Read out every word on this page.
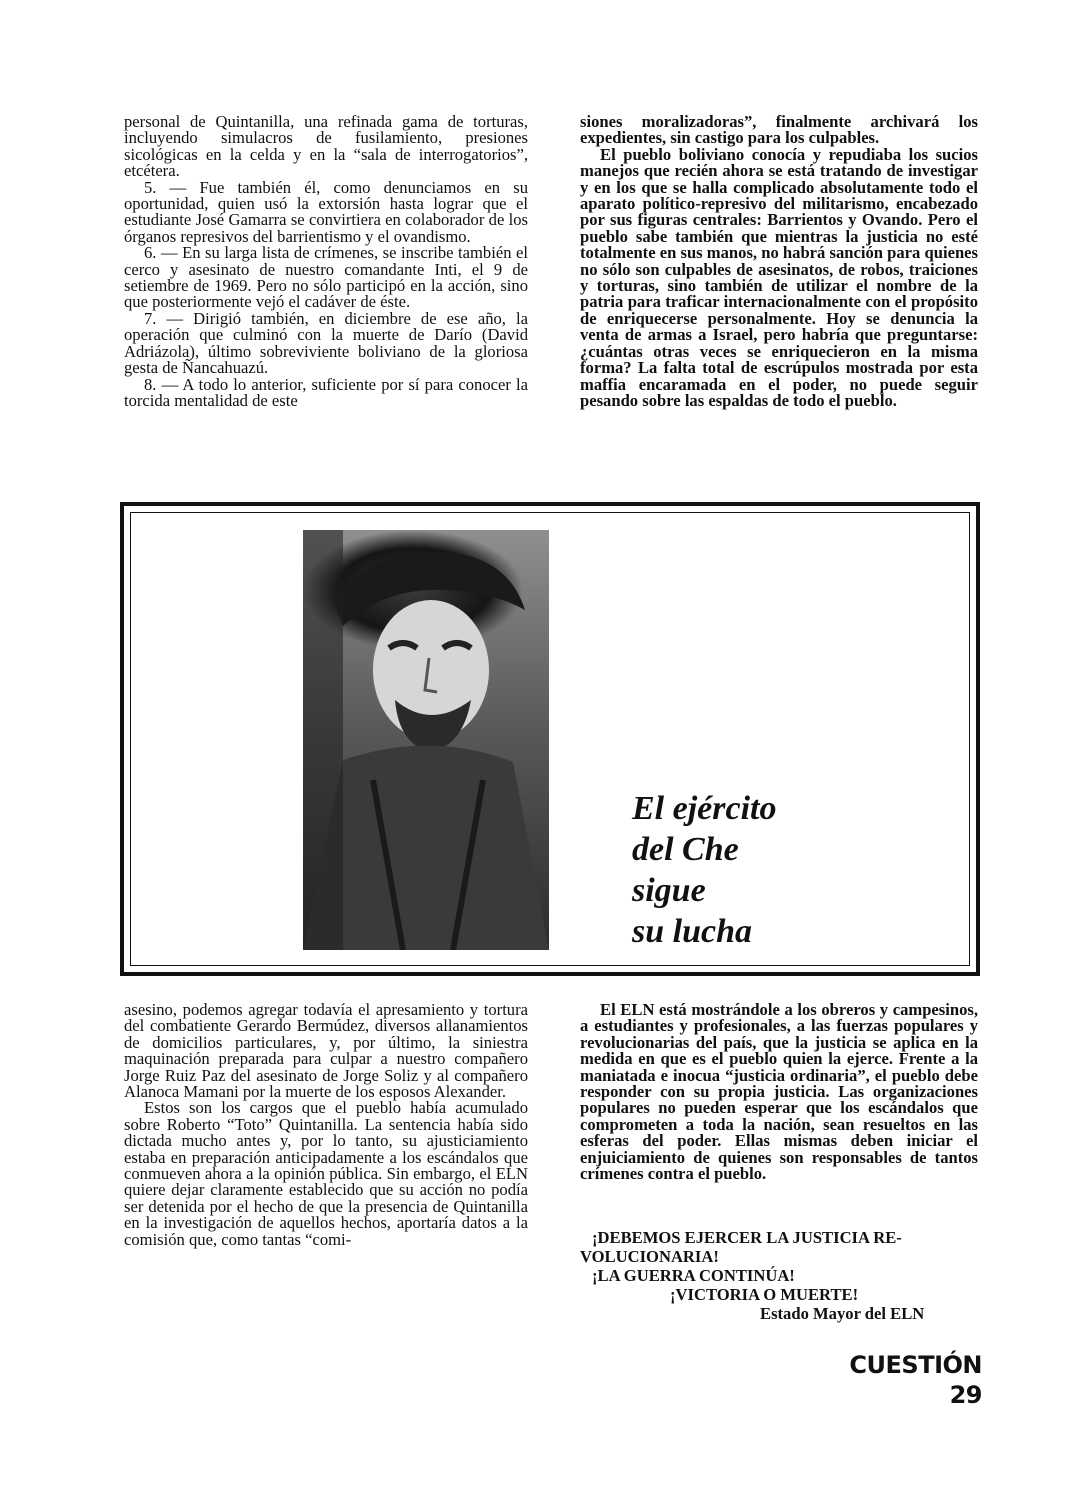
personal de Quintanilla, una refinada gama de torturas, incluyendo simulacros de fusilamiento, presiones sicológicas en la celda y en la “sala de interrogatorios”, etcétera.

5. — Fue también él, como denunciamos en su oportunidad, quien usó la extorsión hasta lograr que el estudiante José Gamarra se convirtiera en colaborador de los órganos represivos del barrientismo y el ovandismo.

6. — En su larga lista de crímenes, se inscribe también el cerco y asesinato de nuestro comandante Inti, el 9 de setiembre de 1969. Pero no sólo participó en la acción, sino que posteriormente vejó el cadáver de éste.

7. — Dirigió también, en diciembre de ese año, la operación que culminó con la muerte de Darío (David Adriázola), último sobreviviente boliviano de la gloriosa gesta de Ñancahuazú.

8. — A todo lo anterior, suficiente por sí para conocer la torcida mentalidad de este

siones moralizadoras”, finalmente archivará los expedientes, sin castigo para los culpables.

El pueblo boliviano conocía y repudiaba los sucios manejos que recién ahora se está tratando de investigar y en los que se halla complicado absolutamente todo el aparato político-represivo del militarismo, encabezado por sus figuras centrales: Barrientos y Ovando. Pero el pueblo sabe también que mientras la justicia no esté totalmente en sus manos, no habrá sanción para quienes no sólo son culpables de asesinatos, de robos, traiciones y torturas, sino también de utilizar el nombre de la patria para traficar internacionalmente con el propósito de enriquecerse personalmente. Hoy se denuncia la venta de armas a Israel, pero habría que preguntarse: ¿cuántas otras veces se enriquecieron en la misma forma? La falta total de escrúpulos mostrada por esta maffia encaramada en el poder, no puede seguir pesando sobre las espaldas de todo el pueblo.

El ejército
del Che
sigue
su lucha

asesino, podemos agregar todavía el apresamiento y tortura del combatiente Gerardo Bermúdez, diversos allanamientos de domicilios particulares, y, por último, la siniestra maquinación preparada para culpar a nuestro compañero Jorge Ruiz Paz del asesinato de Jorge Soliz y al compañero Alanoca Mamani por la muerte de los esposos Alexander.

Estos son los cargos que el pueblo había acumulado sobre Roberto “Toto” Quintanilla. La sentencia había sido dictada mucho antes y, por lo tanto, su ajusticiamiento estaba en preparación anticipadamente a los escándalos que conmueven ahora a la opinión pública. Sin embargo, el ELN quiere dejar claramente establecido que su acción no podía ser detenida por el hecho de que la presencia de Quintanilla en la investigación de aquellos hechos, aportaría datos a la comisión que, como tantas “comi-

El ELN está mostrándole a los obreros y campesinos, a estudiantes y profesionales, a las fuerzas populares y revolucionarias del país, que la justicia se aplica en la medida en que es el pueblo quien la ejerce. Frente a la maniatada e inocua “justicia ordinaria”, el pueblo debe responder con su propia justicia. Las organizaciones populares no pueden esperar que los escándalos que comprometen a toda la nación, sean resueltos en las esferas del poder. Ellas mismas deben iniciar el enjuiciamiento de quienes son responsables de tantos crímenes contra el pueblo.

¡DEBEMOS EJERCER LA JUSTICIA RE-
VOLUCIONARIA!
¡LA GUERRA CONTINÚA!
¡VICTORIA O MUERTE!
Estado Mayor del ELN
CUESTIÓN 29
